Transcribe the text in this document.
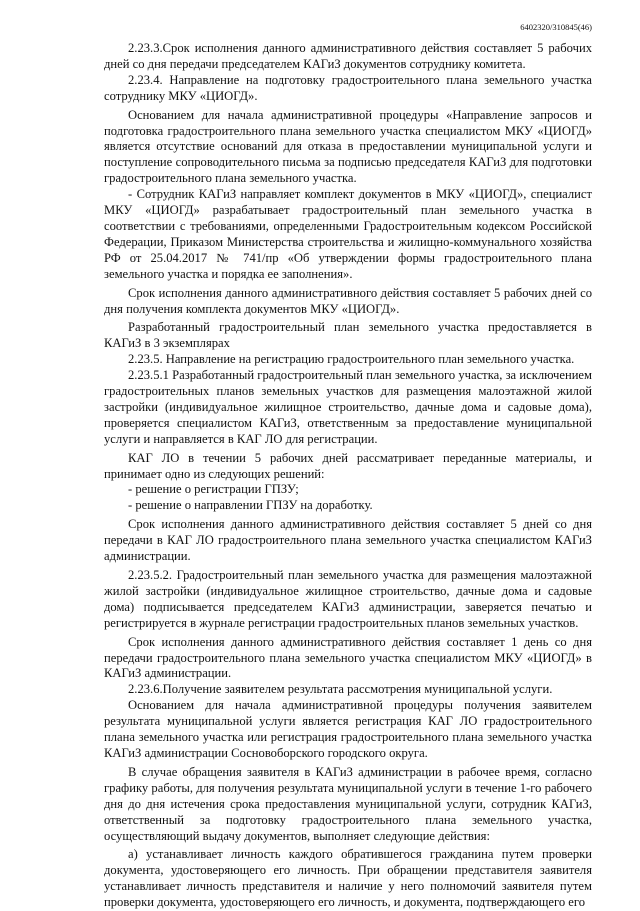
6402320/310845(46)

2.23.3.Срок исполнения данного административного действия составляет 5 рабочих дней со дня передачи председателем КАГиЗ документов сотруднику комитета.

2.23.4. Направление на подготовку градостроительного плана земельного участка сотруднику МКУ «ЦИОГД».

Основанием для начала административной процедуры «Направление запросов и подготовка градостроительного плана земельного участка специалистом МКУ «ЦИОГД» является отсутствие оснований для отказа в предоставлении муниципальной услуги и поступление сопроводительного письма за подписью председателя КАГиЗ для подготовки градостроительного плана земельного участка.

- Сотрудник КАГиЗ направляет комплект документов в МКУ «ЦИОГД», специалист МКУ «ЦИОГД» разрабатывает градостроительный план земельного участка в соответствии с требованиями, определенными Градостроительным кодексом Российской Федерации, Приказом Министерства строительства и жилищно-коммунального хозяйства РФ от 25.04.2017 № 741/пр «Об утверждении формы градостроительного плана земельного участка и порядка ее заполнения».

Срок исполнения данного административного действия составляет 5 рабочих дней со дня получения комплекта документов МКУ «ЦИОГД».

Разработанный градостроительный план земельного участка предоставляется в КАГиЗ в 3 экземплярах

2.23.5. Направление на регистрацию градостроительного план земельного участка.

2.23.5.1 Разработанный градостроительный план земельного участка, за исключением градостроительных планов земельных участков для размещения малоэтажной жилой застройки (индивидуальное жилищное строительство, дачные дома и садовые дома), проверяется специалистом КАГиЗ, ответственным за предоставление муниципальной услуги и направляется в КАГ ЛО для регистрации.

КАГ ЛО в течении 5 рабочих дней рассматривает переданные материалы, и принимает одно из следующих решений:

- решение о регистрации ГПЗУ;

- решение о направлении ГПЗУ на доработку.

Срок исполнения данного административного действия составляет 5 дней со дня передачи в КАГ ЛО градостроительного плана земельного участка специалистом КАГиЗ администрации.

2.23.5.2. Градостроительный план земельного участка для размещения малоэтажной жилой застройки (индивидуальное жилищное строительство, дачные дома и садовые дома) подписывается председателем КАГиЗ администрации, заверяется печатью и регистрируется в журнале регистрации градостроительных планов земельных участков.

Срок исполнения данного административного действия составляет 1 день со дня передачи градостроительного плана земельного участка специалистом МКУ «ЦИОГД» в КАГиЗ администрации.

2.23.6.Получение заявителем результата рассмотрения муниципальной услуги.

Основанием для начала административной процедуры получения заявителем результата муниципальной услуги является регистрация КАГ ЛО градостроительного плана земельного участка или регистрация градостроительного плана земельного участка КАГиЗ администрации Сосновоборского городского округа.

В случае обращения заявителя в КАГиЗ администрации в рабочее время, согласно графику работы, для получения результата муниципальной услуги в течение 1-го рабочего дня до дня истечения срока предоставления муниципальной услуги, сотрудник КАГиЗ, ответственный за подготовку градостроительного плана земельного участка, осуществляющий выдачу документов, выполняет следующие действия:

а) устанавливает личность каждого обратившегося гражданина путем проверки документа, удостоверяющего его личность. При обращении представителя заявителя устанавливает личность представителя и наличие у него полномочий заявителя путем проверки документа, удостоверяющего его личность, и документа, подтверждающего его
